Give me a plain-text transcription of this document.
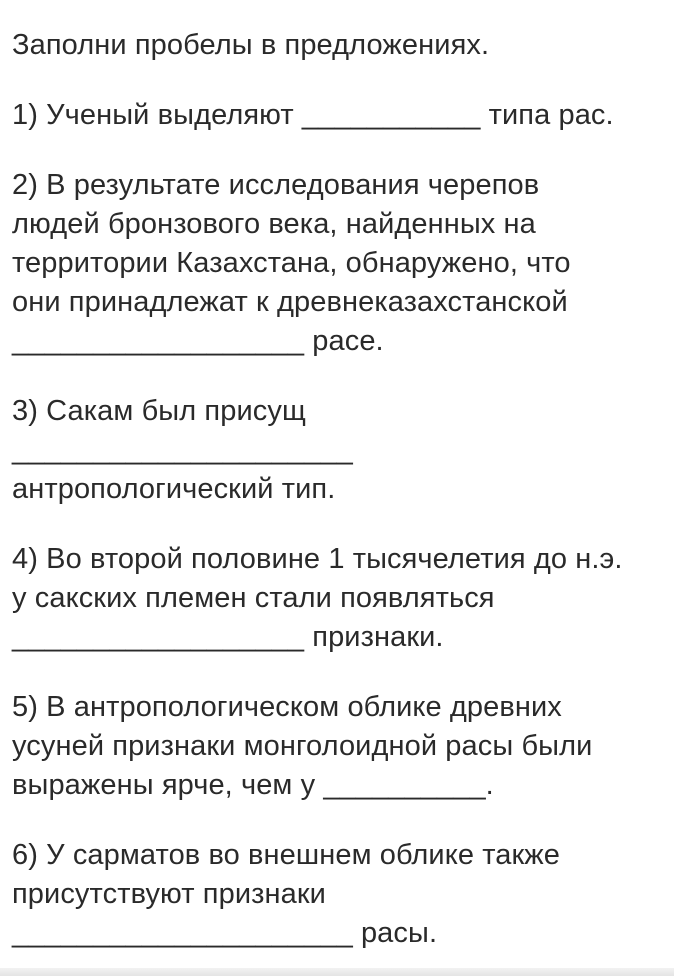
Заполни пробелы в предложениях.
1) Ученый выделяют ___________ типа рас.
2) В результате исследования черепов
людей бронзового века, найденных на
территории Казахстана, обнаружено, что
они принадлежат к древнеказахстанской
__________________ расе.
3) Сакам был присущ
_____________________
антропологический тип.
4) Во второй половине 1 тысячелетия до н.э.
у сакских племен стали появляться
__________________ признаки.
5) В антропологическом облике древних
усуней признаки монголоидной расы были
выражены ярче, чем у __________.
6) У сарматов во внешнем облике также
присутствуют признаки
_____________________ расы.
